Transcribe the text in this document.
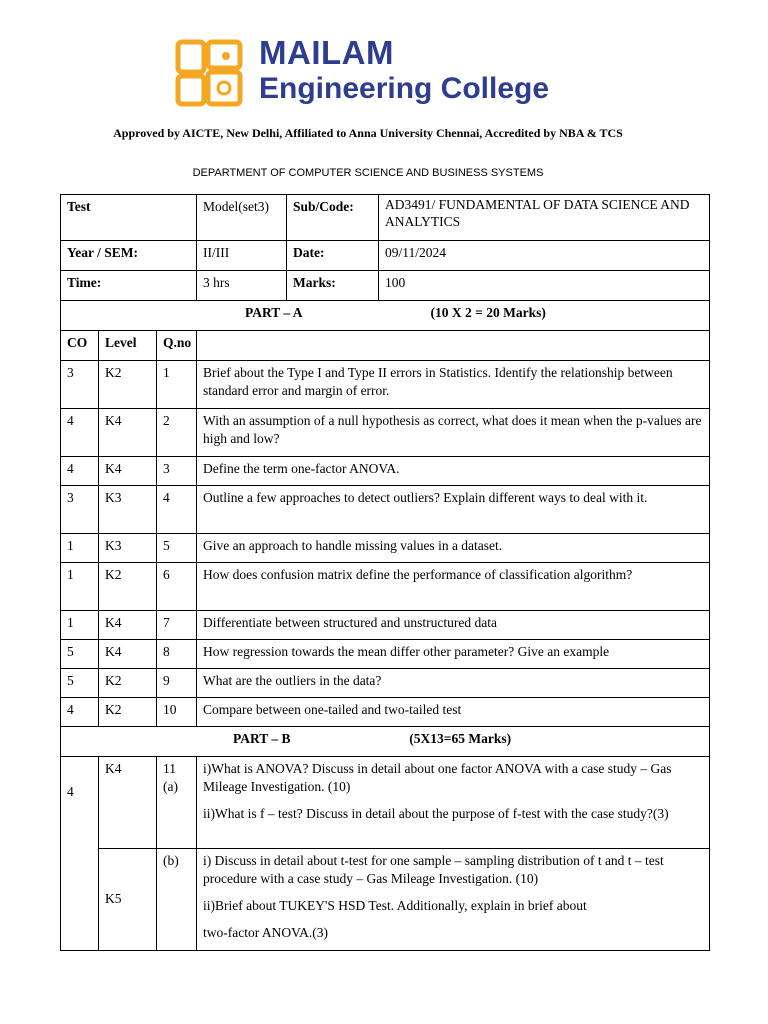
MAILAM
Engineering College
Approved by AICTE, New Delhi, Affiliated to Anna University Chennai, Accredited by NBA & TCS
DEPARTMENT OF COMPUTER SCIENCE AND BUSINESS SYSTEMS
Test			Model(set3)	Sub/Code:	AD3491/ FUNDAMENTAL OF DATA SCIENCE AND ANALYTICS
Year / SEM:			II/III	Date:	09/11/2024
Time:			3 hrs	Marks:	100
PART – A (10 X 2 = 20 Marks)					
CO	Level	Q.no			
3	K2	1	Brief about the Type I and Type II errors in Statistics. Identify the relationship between standard error and margin of error.		
4	K4	2	With an assumption of a null hypothesis as correct, what does it mean when the p-values are high and low?		
4	K4	3	Define the term one-factor ANOVA.		
3	K3	4	Outline a few approaches to detect outliers? Explain different ways to deal with it.		
1	K3	5	Give an approach to handle missing values in a dataset.		
1	K2	6	How does confusion matrix define the performance of classification algorithm?		
1	K4	7	Differentiate between structured and unstructured data		
5	K4	8	How regression towards the mean differ other parameter? Give an example		
5	K2	9	What are the outliers in the data?		
4	K2	10	Compare between one-tailed and two-tailed test		
PART – B (5X13=65 Marks)					
4	K4	11 (a)	i)What is ANOVA? Discuss in detail about one factor ANOVA with a case study – Gas Mileage Investigation. (10)

ii)What is f – test? Discuss in detail about the purpose of f-test with the case study?(3)		

	K5	(b)	i) Discuss in detail about t-test for one sample – sampling distribution of t and t – test procedure with a case study – Gas Mileage Investigation. (10)

ii)Brief about TUKEY'S HSD Test. Additionally, explain in brief about

two-factor ANOVA.(3)		
